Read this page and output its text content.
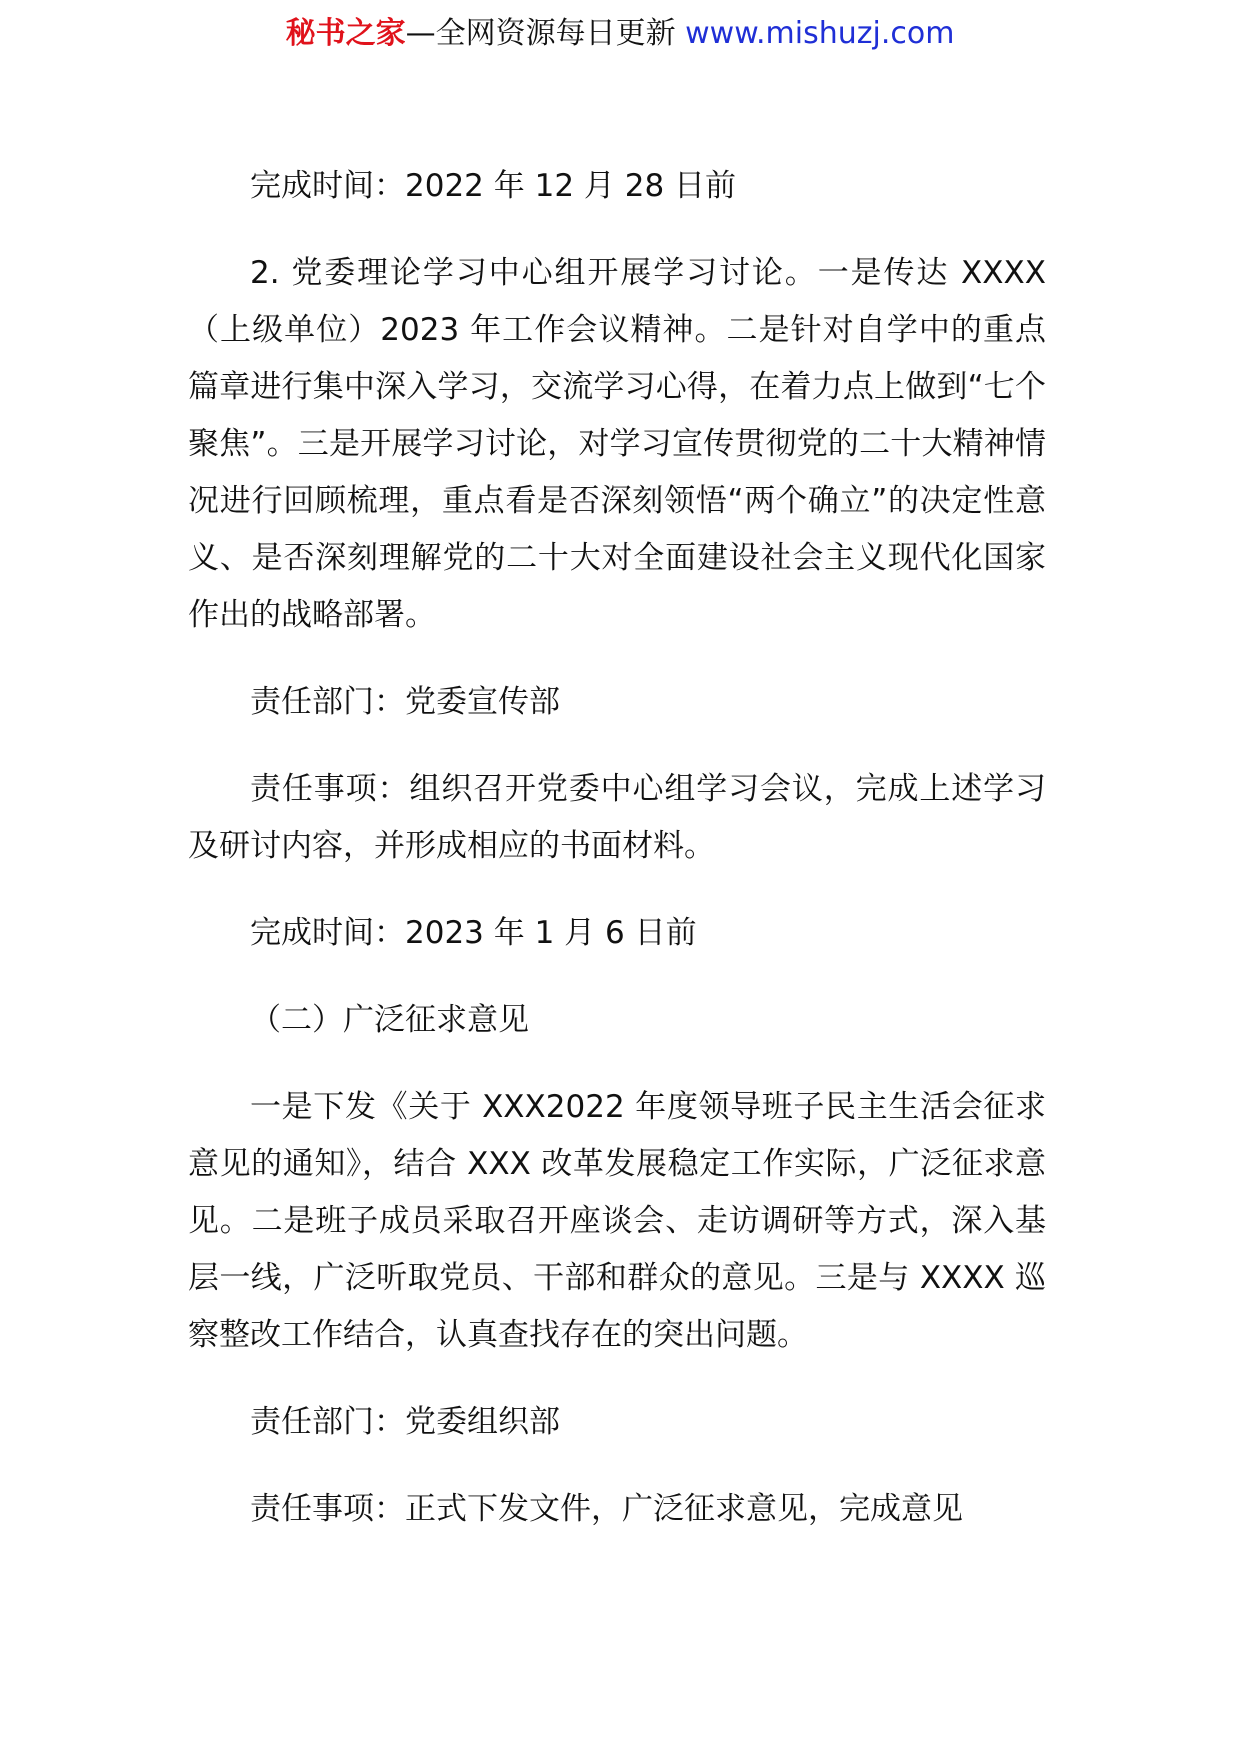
秘书之家—全网资源每日更新 www.mishuzj.com

完成时间：2022 年 12 月 28 日前

2. 党委理论学习中心组开展学习讨论。一是传达 XXXX（上级单位）2023 年工作会议精神。二是针对自学中的重点篇章进行集中深入学习，交流学习心得，在着力点上做到“七个聚焦”。三是开展学习讨论，对学习宣传贯彻党的二十大精神情况进行回顾梳理，重点看是否深刻领悟“两个确立”的决定性意义、是否深刻理解党的二十大对全面建设社会主义现代化国家作出的战略部署。

责任部门：党委宣传部

责任事项：组织召开党委中心组学习会议，完成上述学习及研讨内容，并形成相应的书面材料。

完成时间：2023 年 1 月 6 日前

（二）广泛征求意见

一是下发《关于 XXX2022 年度领导班子民主生活会征求意见的通知》，结合 XXX 改革发展稳定工作实际，广泛征求意见。二是班子成员采取召开座谈会、走访调研等方式，深入基层一线，广泛听取党员、干部和群众的意见。三是与 XXXX 巡察整改工作结合，认真查找存在的突出问题。

责任部门：党委组织部

责任事项：正式下发文件，广泛征求意见，完成意见
